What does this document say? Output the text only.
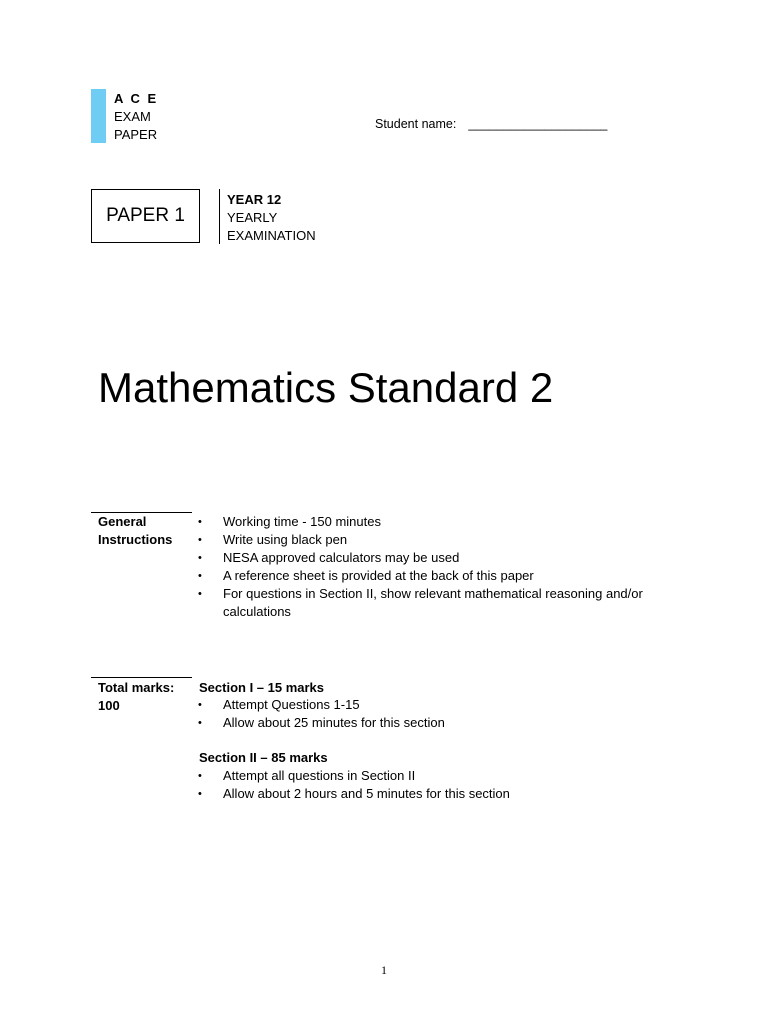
A C E
EXAM
PAPER
Student name: ____________________
PAPER 1
YEAR 12
YEARLY
EXAMINATION
Mathematics Standard 2
General
Instructions
• Working time - 150 minutes
• Write using black pen
• NESA approved calculators may be used
• A reference sheet is provided at the back of this paper
• For questions in Section II, show relevant mathematical reasoning and/or calculations
Total marks:
100
Section I – 15 marks
• Attempt Questions 1-15
• Allow about 25 minutes for this section
Section II – 85 marks
• Attempt all questions in Section II
• Allow about 2 hours and 5 minutes for this section
1
